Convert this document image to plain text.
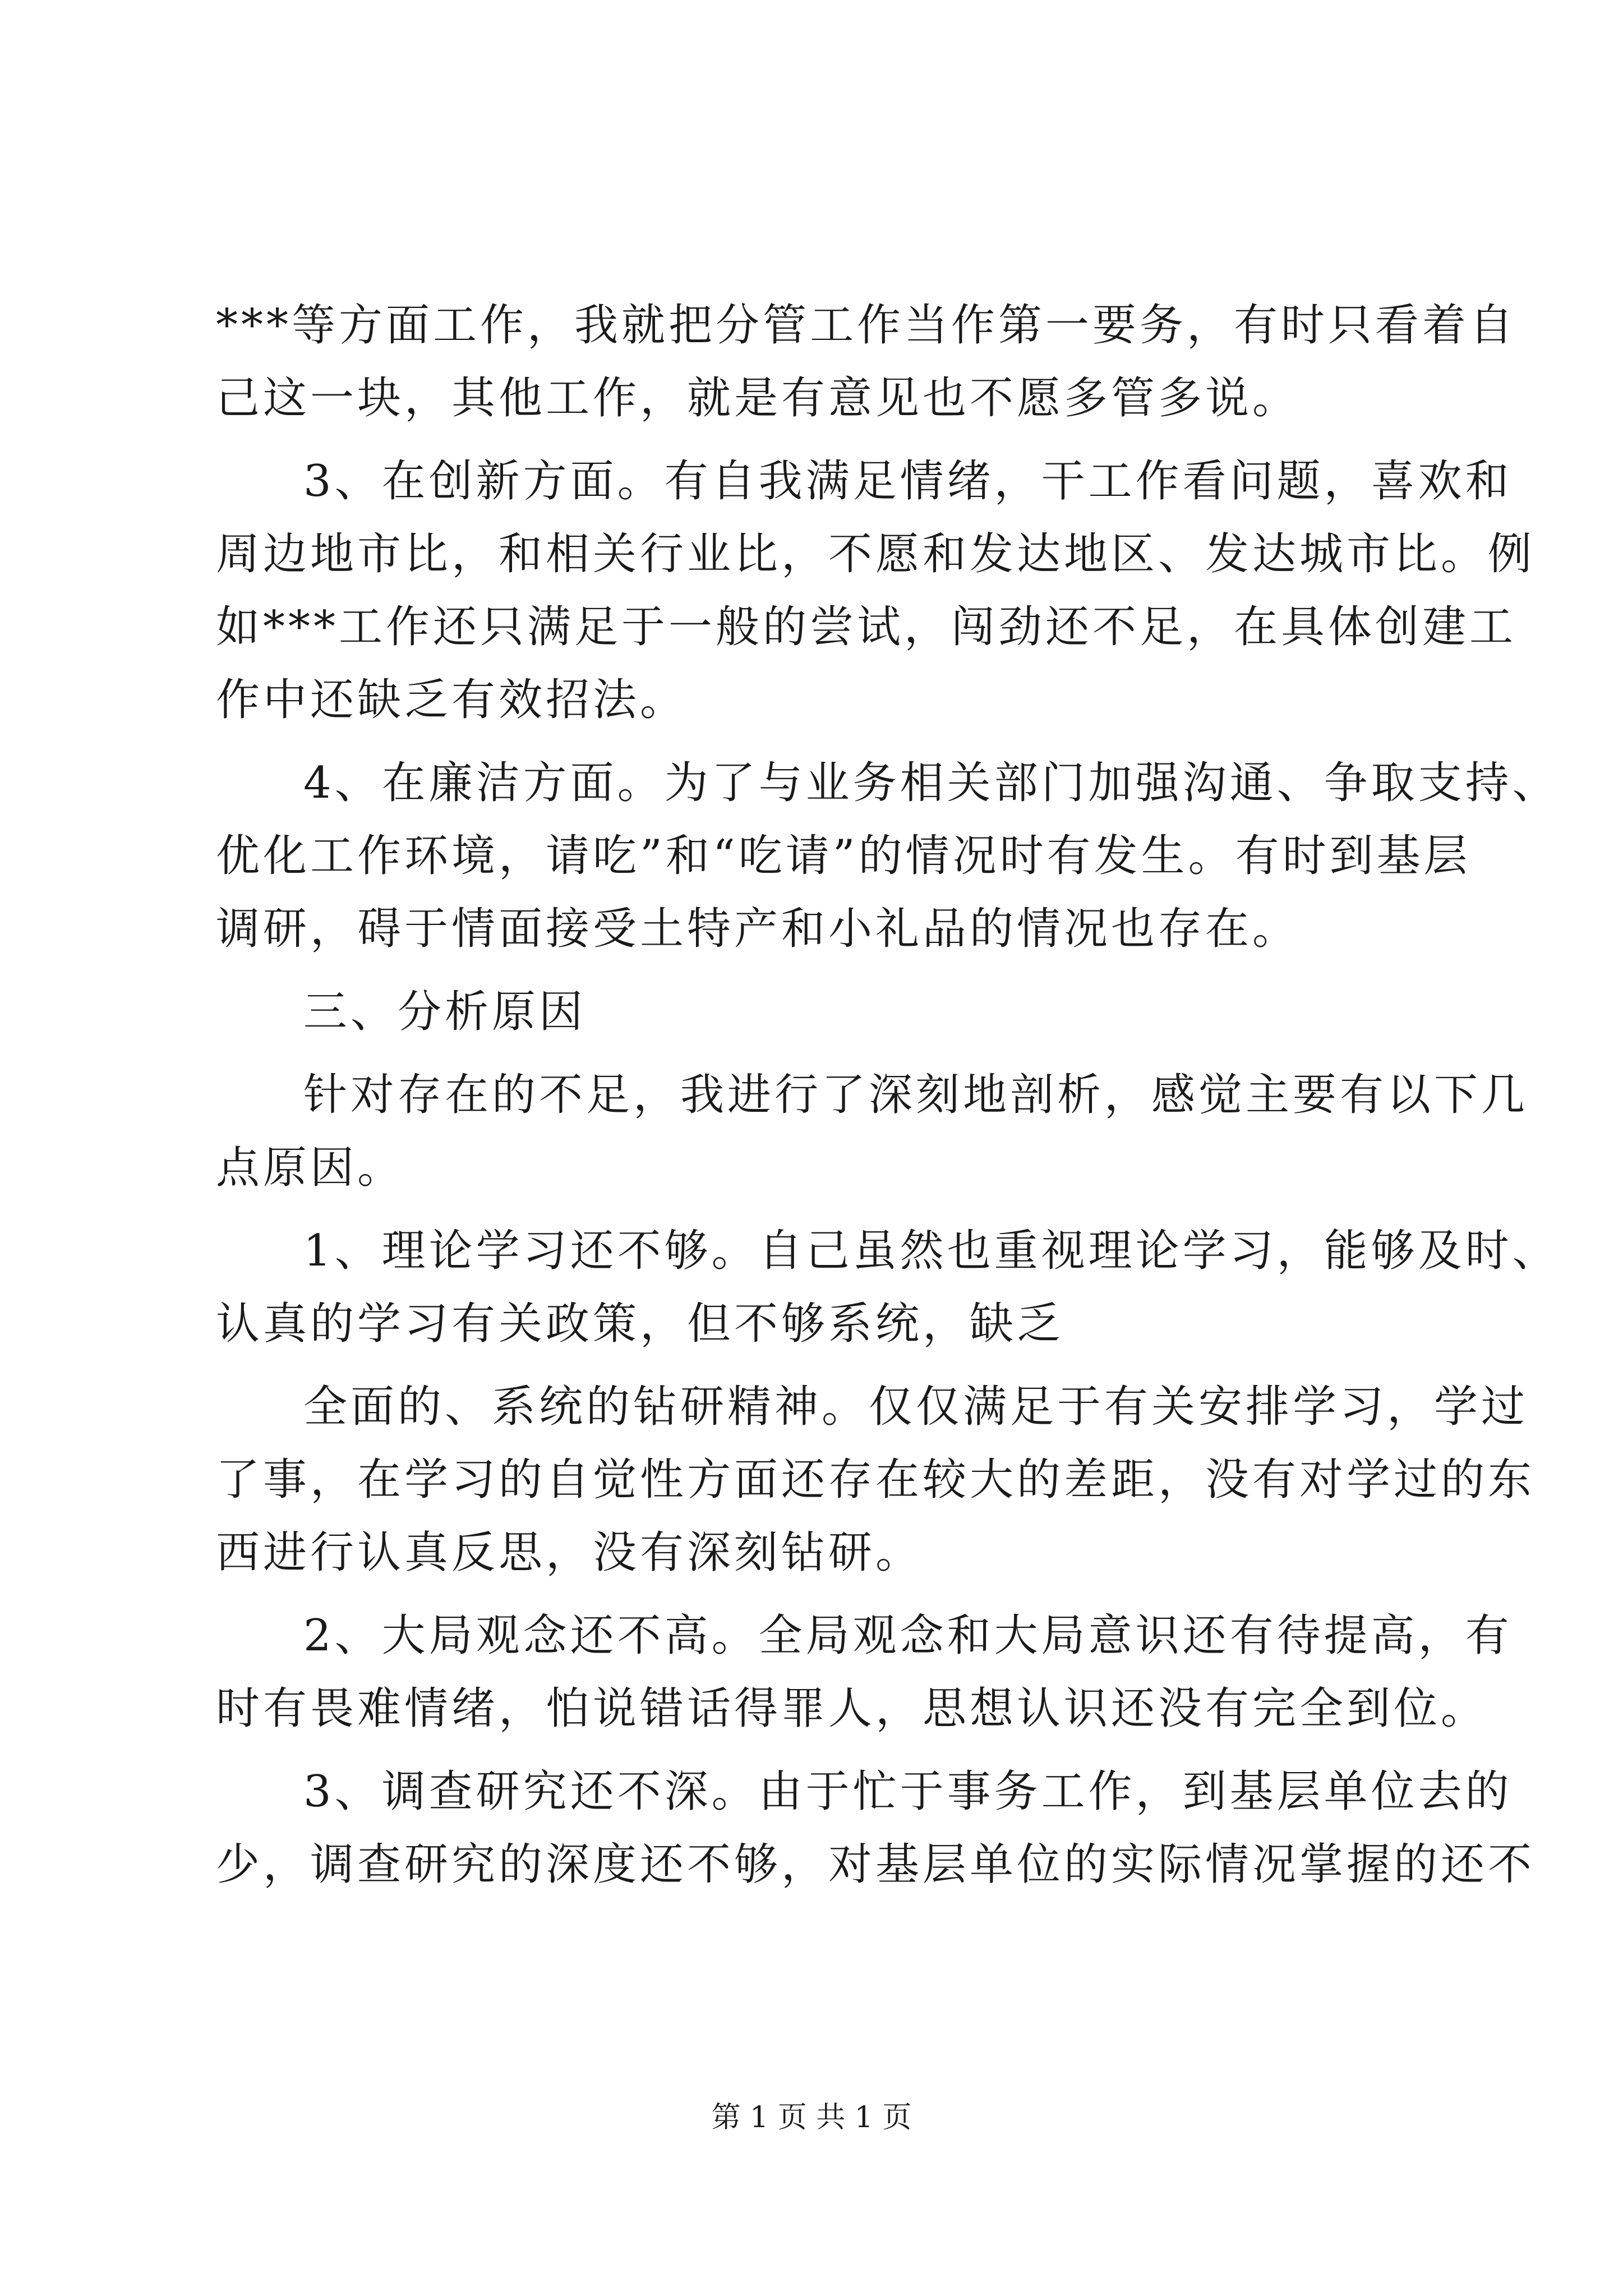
***等方面工作，我就把分管工作当作第一要务，有时只看着自
己这一块，其他工作，就是有意见也不愿多管多说。
3、在创新方面。有自我满足情绪，干工作看问题，喜欢和
周边地市比，和相关行业比，不愿和发达地区、发达城市比。例
如***工作还只满足于一般的尝试，闯劲还不足，在具体创建工
作中还缺乏有效招法。
4、在廉洁方面。为了与业务相关部门加强沟通、争取支持、
优化工作环境，请吃”和“吃请”的情况时有发生。有时到基层
调研，碍于情面接受土特产和小礼品的情况也存在。
三、分析原因
针对存在的不足，我进行了深刻地剖析，感觉主要有以下几
点原因。
1、理论学习还不够。自己虽然也重视理论学习，能够及时、
认真的学习有关政策，但不够系统，缺乏
全面的、系统的钻研精神。仅仅满足于有关安排学习，学过
了事，在学习的自觉性方面还存在较大的差距，没有对学过的东
西进行认真反思，没有深刻钻研。
2、大局观念还不高。全局观念和大局意识还有待提高，有
时有畏难情绪，怕说错话得罪人，思想认识还没有完全到位。
3、调查研究还不深。由于忙于事务工作，到基层单位去的
少，调查研究的深度还不够，对基层单位的实际情况掌握的还不
第 1 页 共 1 页
